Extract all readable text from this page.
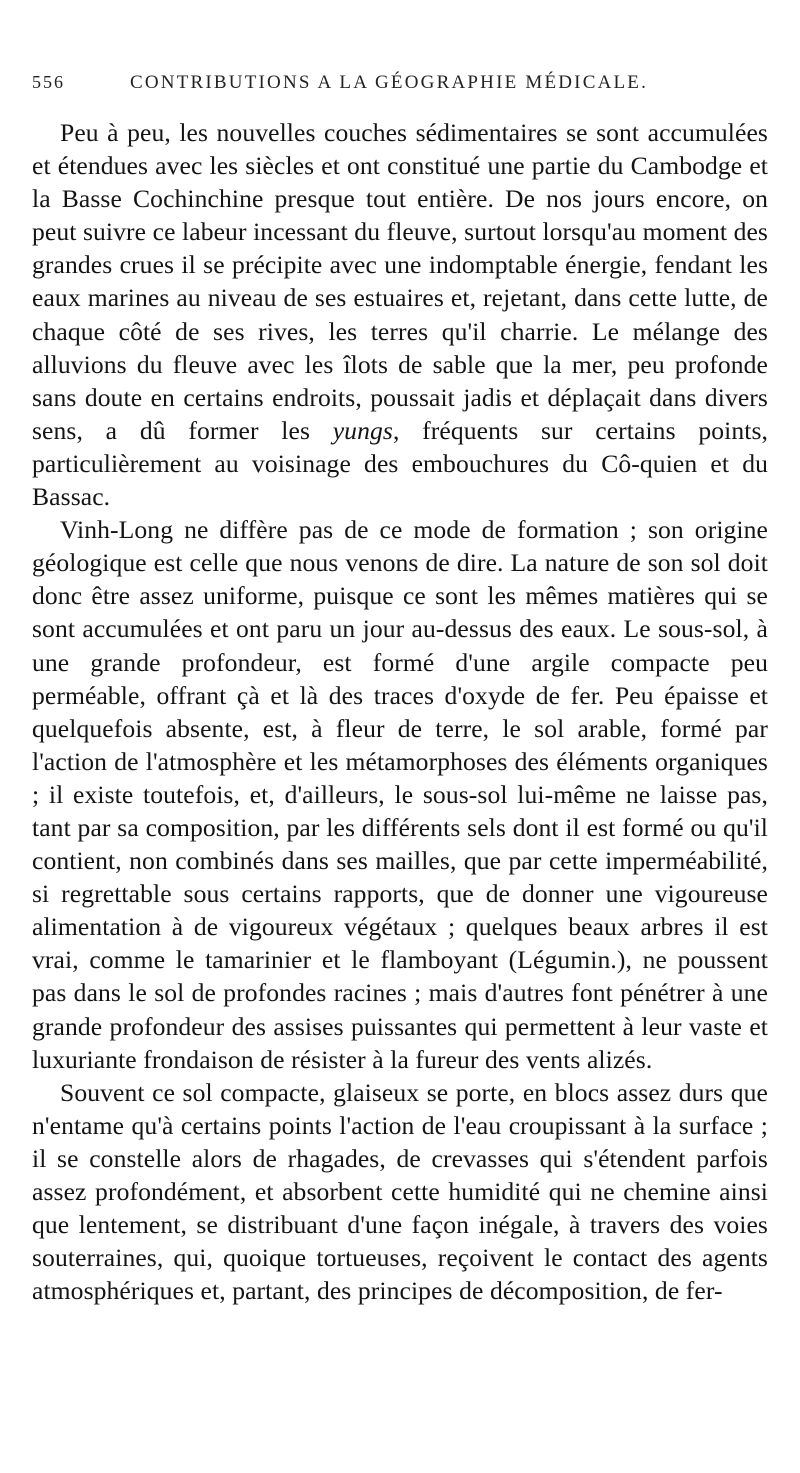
556	CONTRIBUTIONS A LA GÉOGRAPHIE MÉDICALE.

Peu à peu, les nouvelles couches sédimentaires se sont accumulées et étendues avec les siècles et ont constitué une partie du Cambodge et la Basse Cochinchine presque tout entière. De nos jours encore, on peut suivre ce labeur incessant du fleuve, surtout lorsqu'au moment des grandes crues il se précipite avec une indomptable énergie, fendant les eaux marines au niveau de ses estuaires et, rejetant, dans cette lutte, de chaque côté de ses rives, les terres qu'il charrie. Le mélange des alluvions du fleuve avec les îlots de sable que la mer, peu profonde sans doute en certains endroits, poussait jadis et déplaçait dans divers sens, a dû former les yungs, fréquents sur certains points, particulièrement au voisinage des embouchures du Cô-quien et du Bassac.

Vinh-Long ne diffère pas de ce mode de formation ; son origine géologique est celle que nous venons de dire. La nature de son sol doit donc être assez uniforme, puisque ce sont les mêmes matières qui se sont accumulées et ont paru un jour au-dessus des eaux. Le sous-sol, à une grande profondeur, est formé d'une argile compacte peu perméable, offrant çà et là des traces d'oxyde de fer. Peu épaisse et quelquefois absente, est, à fleur de terre, le sol arable, formé par l'action de l'atmosphère et les métamorphoses des éléments organiques ; il existe toutefois, et, d'ailleurs, le sous-sol lui-même ne laisse pas, tant par sa composition, par les différents sels dont il est formé ou qu'il contient, non combinés dans ses mailles, que par cette imperméabilité, si regrettable sous certains rapports, que de donner une vigoureuse alimentation à de vigoureux végétaux ; quelques beaux arbres il est vrai, comme le tamarinier et le flamboyant (Légumin.), ne poussent pas dans le sol de profondes racines ; mais d'autres font pénétrer à une grande profondeur des assises puissantes qui permettent à leur vaste et luxuriante frondaison de résister à la fureur des vents alizés.

Souvent ce sol compacte, glaiseux se porte, en blocs assez durs que n'entame qu'à certains points l'action de l'eau croupissant à la surface ; il se constelle alors de rhagades, de crevasses qui s'étendent parfois assez profondément, et absorbent cette humidité qui ne chemine ainsi que lentement, se distribuant d'une façon inégale, à travers des voies souterraines, qui, quoique tortueuses, reçoivent le contact des agents atmosphériques et, partant, des principes de décomposition, de fer-
